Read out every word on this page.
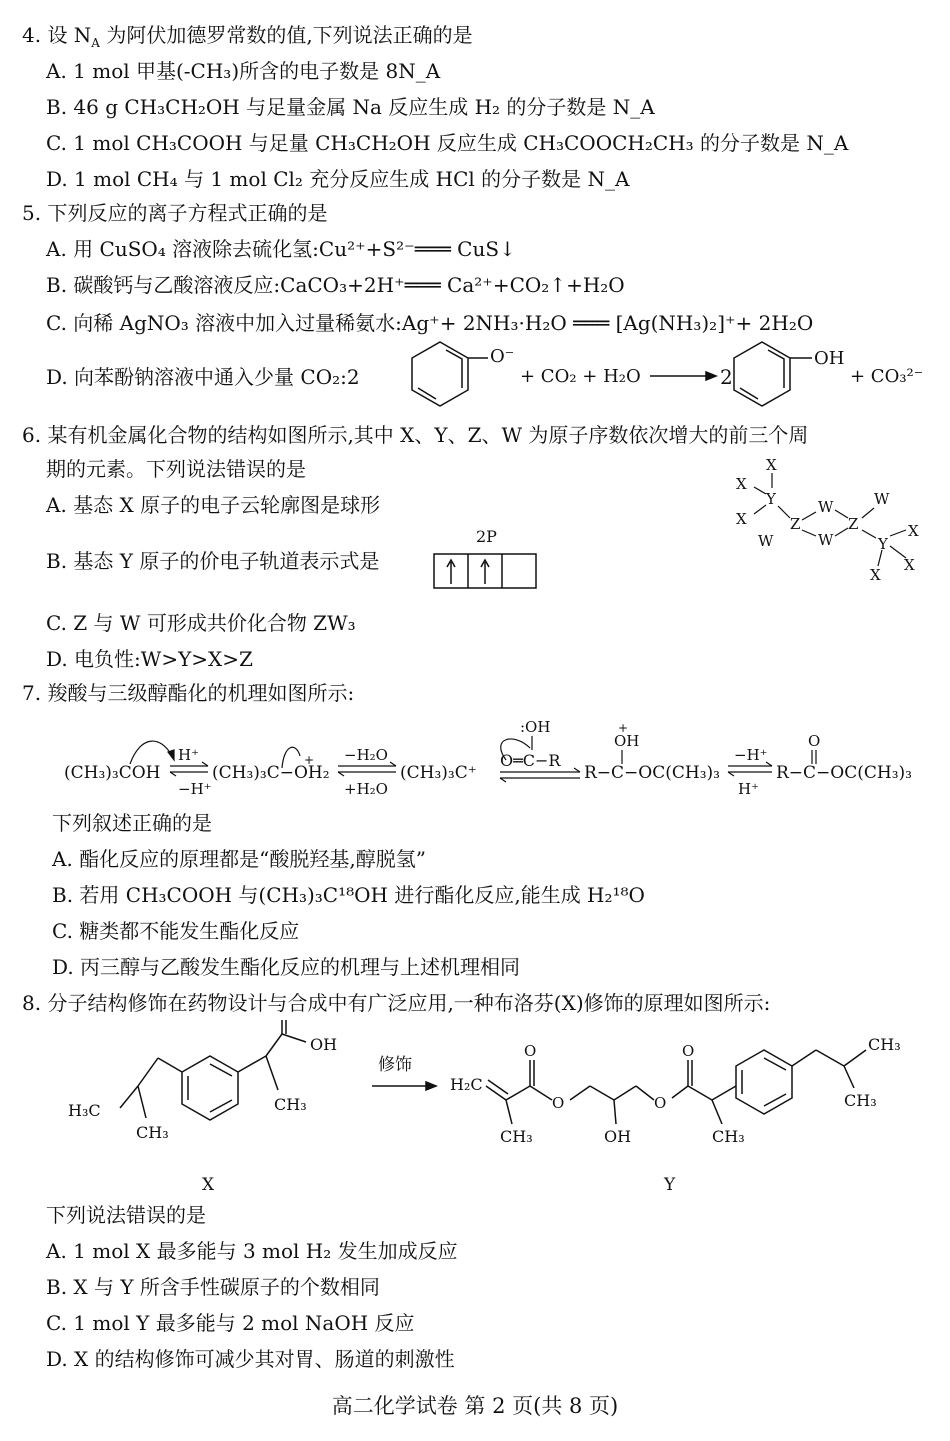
4. 设 $N_A$ 为阿伏加德罗常数的值,下列说法正确的是
A. 1 mol 甲基(-CH₃)所含的电子数是 8N_A
B. 46 g CH₃CH₂OH 与足量金属 Na 反应生成 H₂ 的分子数是 N_A
C. 1 mol CH₃COOH 与足量 CH₃CH₂OH 反应生成 CH₃COOCH₂CH₃ 的分子数是 N_A
D. 1 mol CH₄ 与 1 mol Cl₂ 充分反应生成 HCl 的分子数是 N_A
5. 下列反应的离子方程式正确的是
A. 用 CuSO₄ 溶液除去硫化氢:Cu²⁺+S²⁻═══ CuS↓
B. 碳酸钙与乙酸溶液反应:CaCO₃+2H⁺═══ Ca²⁺+CO₂↑+H₂O
C. 向稀 AgNO₃ 溶液中加入过量稀氨水:Ag⁺+ 2NH₃·H₂O ═══ [Ag(NH₃)₂]⁺+ 2H₂O
D. 向苯酚钠溶液中通入少量 CO₂:2
O⁻
+ CO₂ + H₂O	2
OH
+ CO₃²⁻
6. 某有机金属化合物的结构如图所示,其中 X、Y、Z、W 为原子序数依次增大的前三个周
期的元素。下列说法错误的是
A. 基态 X 原子的电子云轮廓图是球形
B. 基态 Y 原子的价电子轨道表示式是
2P
C. Z 与 W 可形成共价化合物 ZW₃
D. 电负性:W>Y>X>Z
X
X
Y
X	Z
W
W
W
Z
W
Y
X
X
X
7. 羧酸与三级醇酯化的机理如图所示:
(CH₃)₃COH
H⁺
−H⁺
(CH₃)₃C−OH₂
+ −H₂O
+H₂O
(CH₃)₃C⁺
:OH
O═C−R
+
OH
R−C−OC(CH₃)₃
−H⁺
H⁺
O
R−C−OC(CH₃)₃
下列叙述正确的是
A. 酯化反应的原理都是“酸脱羟基,醇脱氢”
B. 若用 CH₃COOH 与(CH₃)₃C¹⁸OH 进行酯化反应,能生成 H₂¹⁸O
C. 糖类都不能发生酯化反应
D. 丙三醇与乙酸发生酯化反应的机理与上述机理相同
8. 分子结构修饰在药物设计与合成中有广泛应用,一种布洛芬(X)修饰的原理如图所示:
OH
CH₃
H₃C
CH₃
修饰
H₂C
O
O
CH₃	OH
O
O
CH₃
CH₃
CH₃
X	Y
下列说法错误的是
A. 1 mol X 最多能与 3 mol H₂ 发生加成反应
B. X 与 Y 所含手性碳原子的个数相同
C. 1 mol Y 最多能与 2 mol NaOH 反应
D. X 的结构修饰可减少其对胃、肠道的刺激性
高二化学试卷 第 2 页(共 8 页)
